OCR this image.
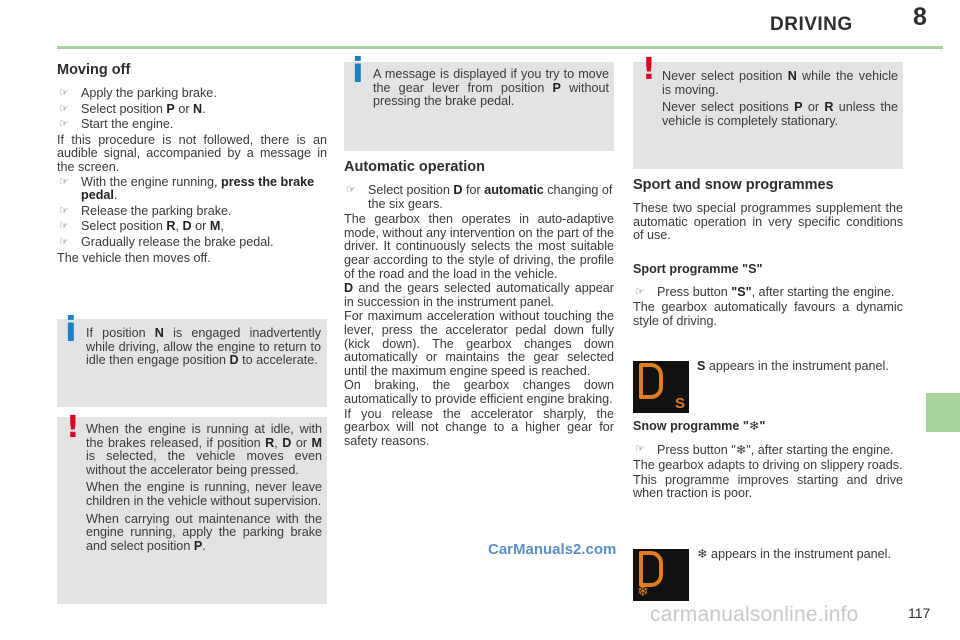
DRIVING 8
Moving off
☞ Apply the parking brake.
☞ Select position P or N.
☞ Start the engine.

If this procedure is not followed, there is an audible signal, accompanied by a message in the screen.

☞ With the engine running, press the brake pedal.
☞ Release the parking brake.
☞ Select position R, D or M,
☞ Gradually release the brake pedal.

The vehicle then moves off.

i If position N is engaged inadvertently while driving, allow the engine to return to idle then engage position D to accelerate.

! When the engine is running at idle, with the brakes released, if position R, D or M is selected, the vehicle moves even without the accelerator being pressed.

When the engine is running, never leave children in the vehicle without supervision.

When carrying out maintenance with the engine running, apply the parking brake and select position P.

i A message is displayed if you try to move the gear lever from position P without pressing the brake pedal.

Automatic operation
☞ Select position D for automatic changing of the six gears.

The gearbox then operates in auto-adaptive mode, without any intervention on the part of the driver. It continuously selects the most suitable gear according to the style of driving, the profile of the road and the load in the vehicle.

D and the gears selected automatically appear in succession in the instrument panel.

For maximum acceleration without touching the lever, press the accelerator pedal down fully (kick down). The gearbox changes down automatically or maintains the gear selected until the maximum engine speed is reached.

On braking, the gearbox changes down automatically to provide efficient engine braking.

If you release the accelerator sharply, the gearbox will not change to a higher gear for safety reasons.

! Never select position N while the vehicle is moving.

Never select positions P or R unless the vehicle is completely stationary.

Sport and snow programmes

These two special programmes supplement the automatic operation in very specific conditions of use.

Sport programme "S"
☞ Press button "S", after starting the engine.

The gearbox automatically favours a dynamic style of driving.

S
S appears in the instrument panel.
Snow programme "❄"
☞ Press button "❄", after starting the engine.

The gearbox adapts to driving on slippery roads.

This programme improves starting and drive when traction is poor.

❄
❄ appears in the instrument panel.
CarManuals2.com
carmanualsonline.info	117
